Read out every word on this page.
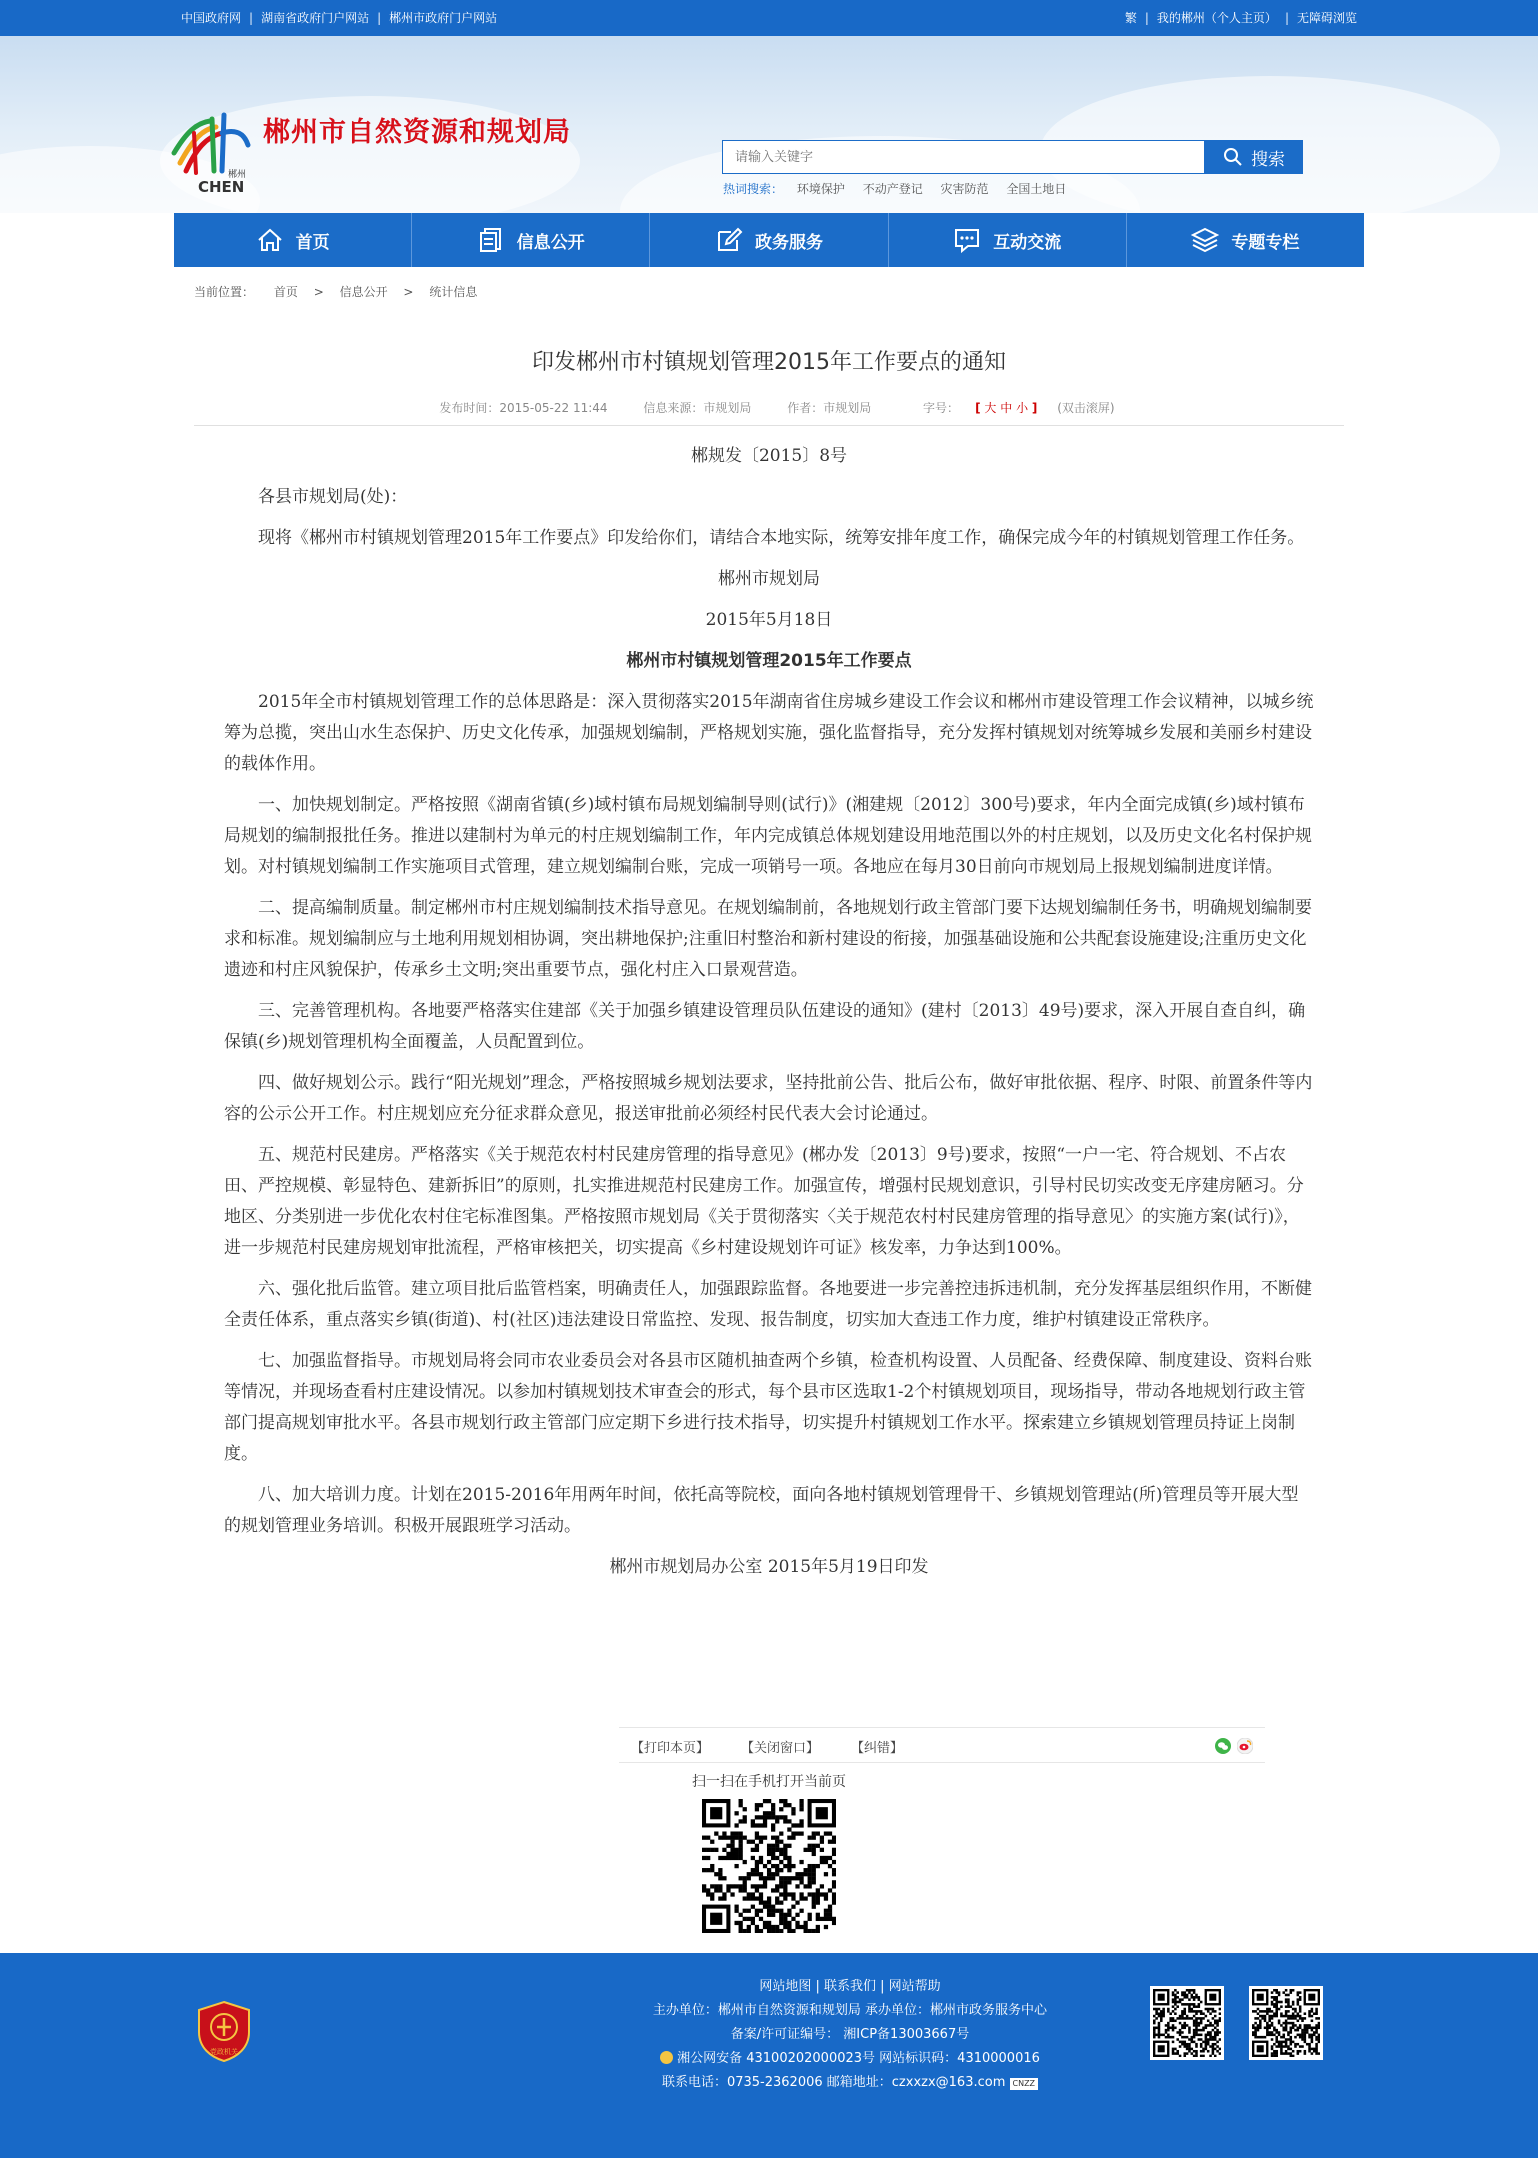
中国政府网 | 湖南省政府门户网站 | 郴州市政府门户网站	繁 | 我的郴州（个人主页） | 无障碍浏览
郴州
CHEN
郴州市自然资源和规划局
请输入关键字
搜索
热词搜索： 环境保护 不动产登记 灾害防范 全国土地日
首页	信息公开	政务服务	互动交流	专题专栏
当前位置： 首页 > 信息公开 > 统计信息
印发郴州市村镇规划管理2015年工作要点的通知
发布时间：2015-05-22 11:44	信息来源：市规划局	作者：市规划局	字号： [ 大 中 小 ] (双击滚屏)

郴规发〔2015〕8号

各县市规划局(处)：

现将《郴州市村镇规划管理2015年工作要点》印发给你们，请结合本地实际，统筹安排年度工作，确保完成今年的村镇规划管理工作任务。

郴州市规划局

2015年5月18日

郴州市村镇规划管理2015年工作要点

2015年全市村镇规划管理工作的总体思路是：深入贯彻落实2015年湖南省住房城乡建设工作会议和郴州市建设管理工作会议精神，以城乡统筹为总揽，突出山水生态保护、历史文化传承，加强规划编制，严格规划实施，强化监督指导，充分发挥村镇规划对统筹城乡发展和美丽乡村建设的载体作用。

一、加快规划制定。严格按照《湖南省镇(乡)域村镇布局规划编制导则(试行)》(湘建规〔2012〕300号)要求，年内全面完成镇(乡)域村镇布局规划的编制报批任务。推进以建制村为单元的村庄规划编制工作，年内完成镇总体规划建设用地范围以外的村庄规划，以及历史文化名村保护规划。对村镇规划编制工作实施项目式管理，建立规划编制台账，完成一项销号一项。各地应在每月30日前向市规划局上报规划编制进度详情。

二、提高编制质量。制定郴州市村庄规划编制技术指导意见。在规划编制前，各地规划行政主管部门要下达规划编制任务书，明确规划编制要求和标准。规划编制应与土地利用规划相协调，突出耕地保护;注重旧村整治和新村建设的衔接，加强基础设施和公共配套设施建设;注重历史文化遗迹和村庄风貌保护，传承乡土文明;突出重要节点，强化村庄入口景观营造。

三、完善管理机构。各地要严格落实住建部《关于加强乡镇建设管理员队伍建设的通知》(建村〔2013〕49号)要求，深入开展自查自纠，确保镇(乡)规划管理机构全面覆盖，人员配置到位。

四、做好规划公示。践行“阳光规划”理念，严格按照城乡规划法要求，坚持批前公告、批后公布，做好审批依据、程序、时限、前置条件等内容的公示公开工作。村庄规划应充分征求群众意见，报送审批前必须经村民代表大会讨论通过。

五、规范村民建房。严格落实《关于规范农村村民建房管理的指导意见》(郴办发〔2013〕9号)要求，按照“一户一宅、符合规划、不占农田、严控规模、彰显特色、建新拆旧”的原则，扎实推进规范村民建房工作。加强宣传，增强村民规划意识，引导村民切实改变无序建房陋习。分地区、分类别进一步优化农村住宅标准图集。严格按照市规划局《关于贯彻落实〈关于规范农村村民建房管理的指导意见〉的实施方案(试行)》，进一步规范村民建房规划审批流程，严格审核把关，切实提高《乡村建设规划许可证》核发率，力争达到100%。

六、强化批后监管。建立项目批后监管档案，明确责任人，加强跟踪监督。各地要进一步完善控违拆违机制，充分发挥基层组织作用，不断健全责任体系，重点落实乡镇(街道)、村(社区)违法建设日常监控、发现、报告制度，切实加大查违工作力度，维护村镇建设正常秩序。

七、加强监督指导。市规划局将会同市农业委员会对各县市区随机抽查两个乡镇，检查机构设置、人员配备、经费保障、制度建设、资料台账等情况，并现场查看村庄建设情况。以参加村镇规划技术审查会的形式，每个县市区选取1-2个村镇规划项目，现场指导，带动各地规划行政主管部门提高规划审批水平。各县市规划行政主管部门应定期下乡进行技术指导，切实提升村镇规划工作水平。探索建立乡镇规划管理员持证上岗制度。

八、加大培训力度。计划在2015-2016年用两年时间，依托高等院校，面向各地村镇规划管理骨干、乡镇规划管理站(所)管理员等开展大型的规划管理业务培训。积极开展跟班学习活动。

郴州市规划局办公室 2015年5月19日印发

【打印本页】 【关闭窗口】 【纠错】
扫一扫在手机打开当前页
党政机关
网站地图 | 联系我们 | 网站帮助
主办单位：郴州市自然资源和规划局 承办单位：郴州市政务服务中心
备案/许可证编号： 湘ICP备13003667号
湘公网安备 43100202000023号 网站标识码：4310000016
联系电话：0735-2362006 邮箱地址：czxxzx@163.com CNZZ
